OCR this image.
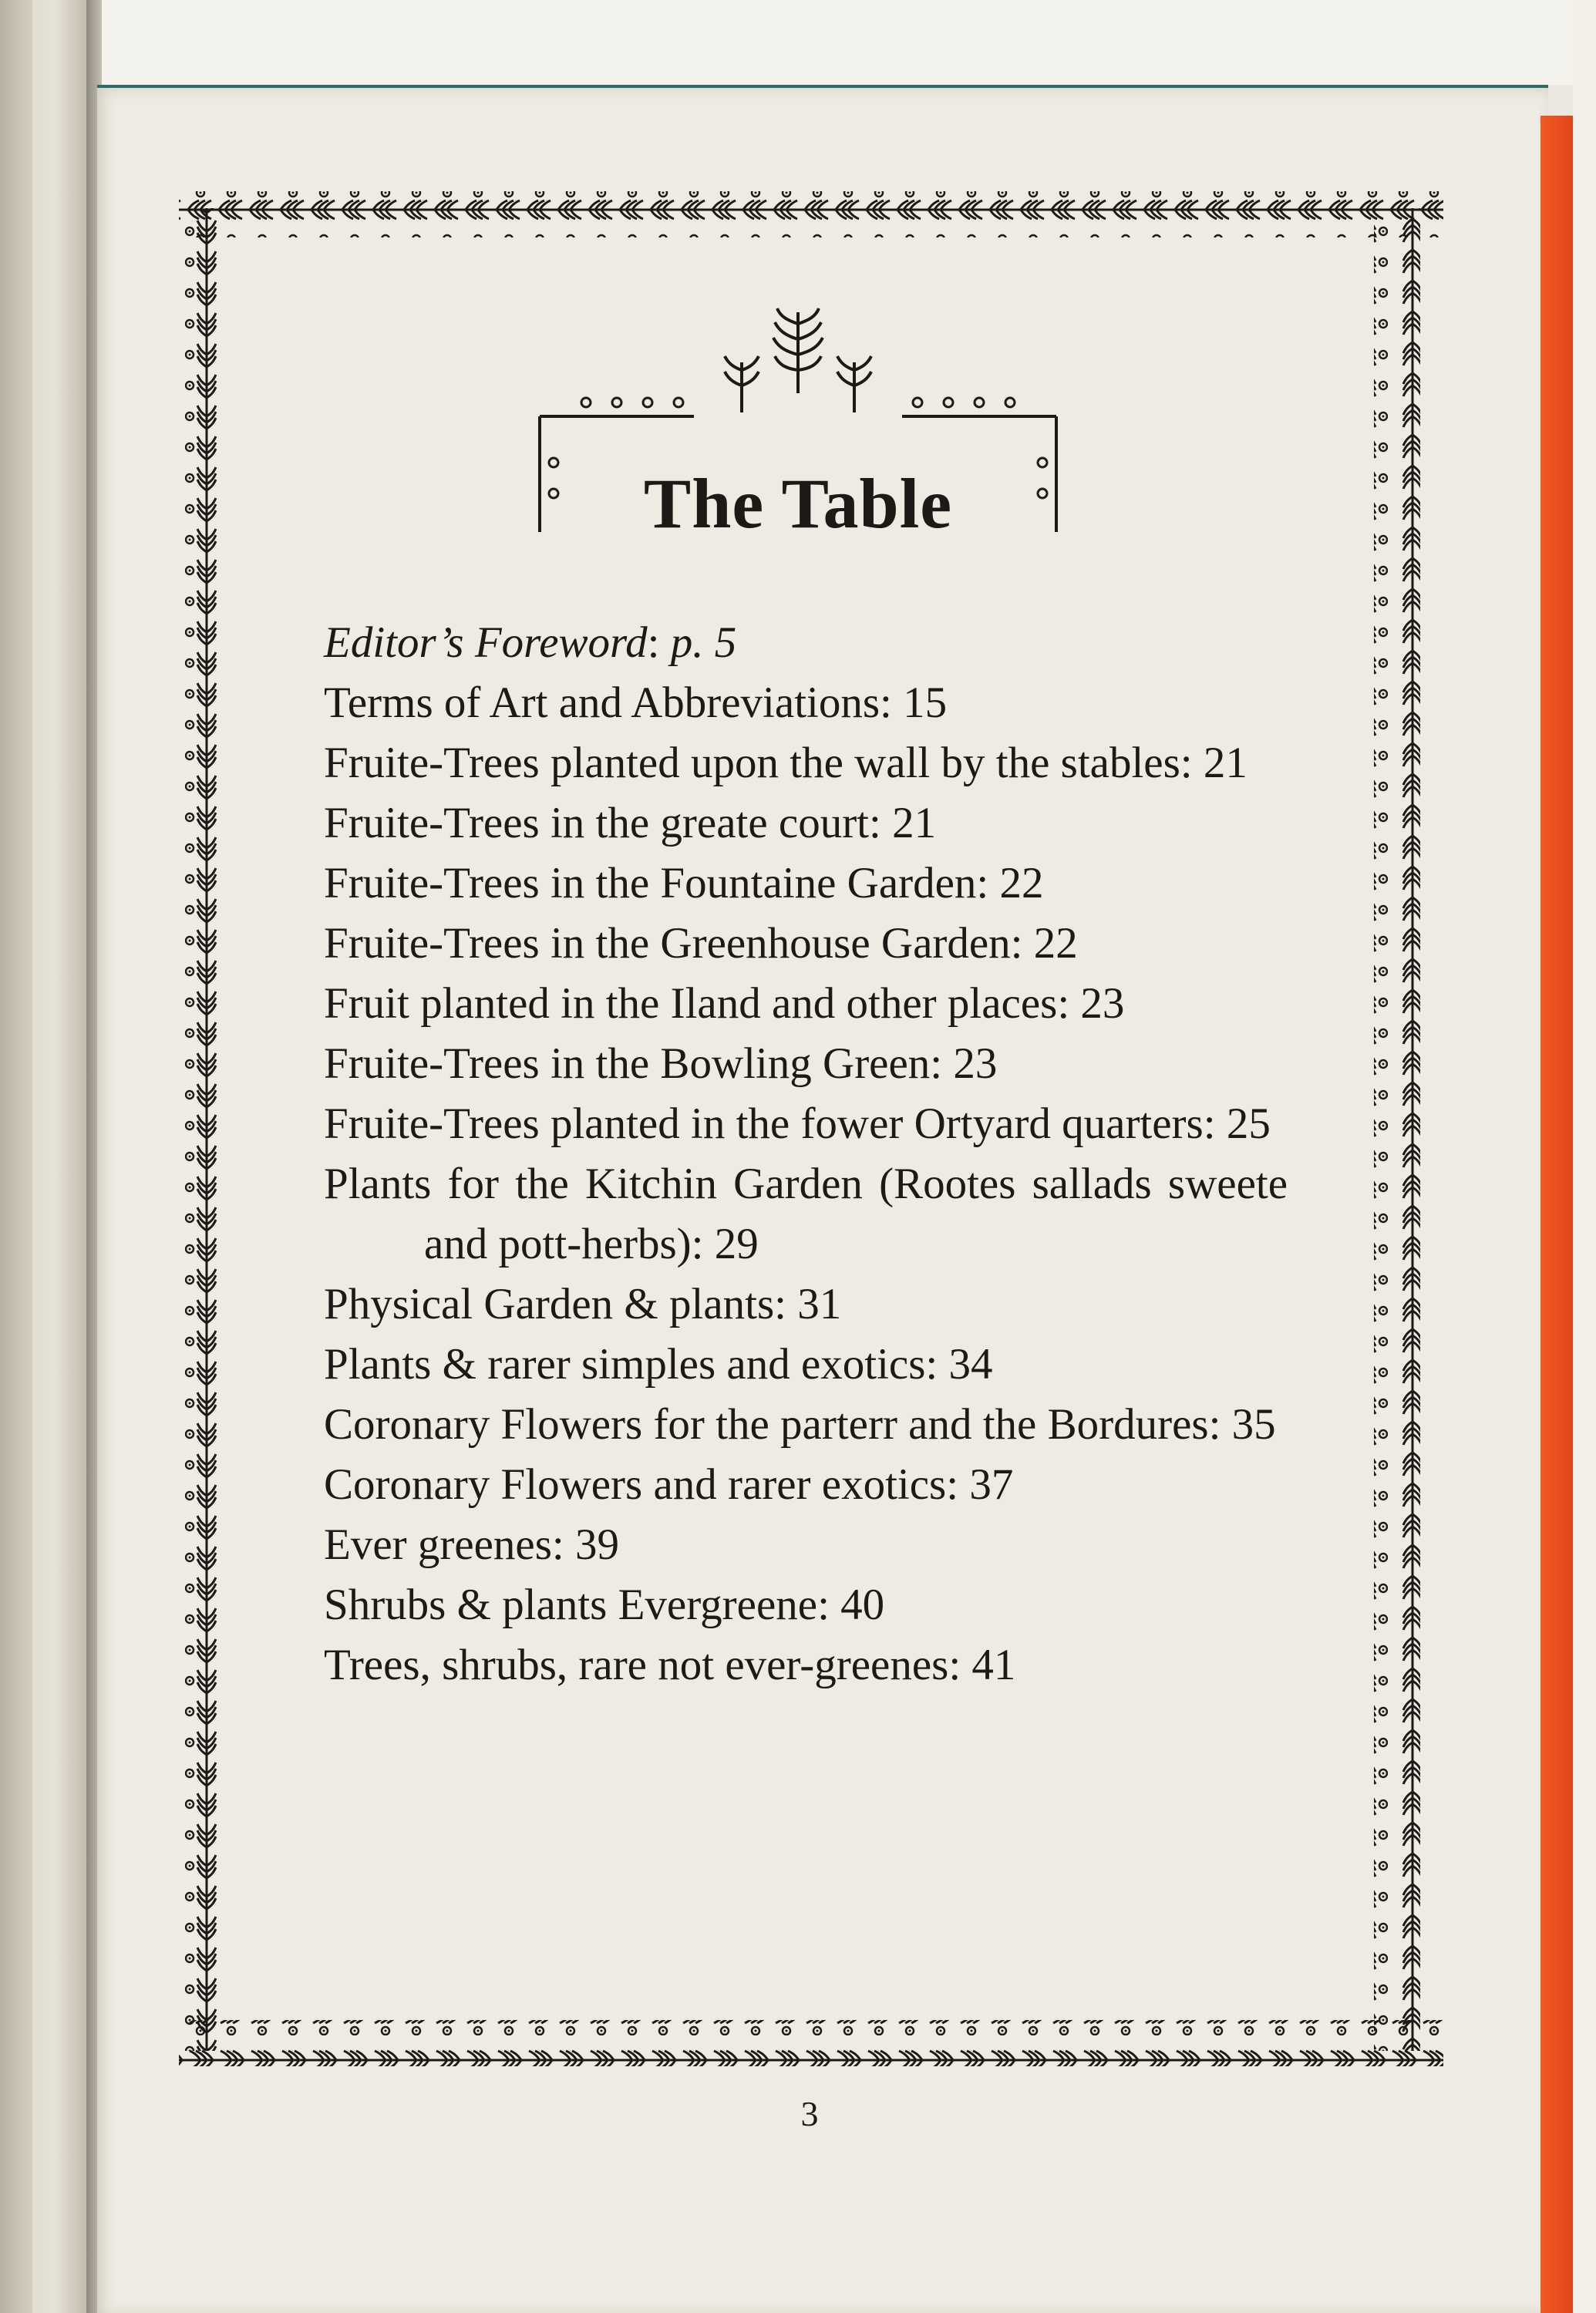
The Table
Editor’s Foreword: p. 5
Terms of Art and Abbreviations: 15
Fruite-Trees planted upon the wall by the stables: 21
Fruite-Trees in the greate court: 21
Fruite-Trees in the Fountaine Garden: 22
Fruite-Trees in the Greenhouse Garden: 22
Fruit planted in the Iland and other places: 23
Fruite-Trees in the Bowling Green: 23
Fruite-Trees planted in the fower Ortyard quarters: 25
Plants for the Kitchin Garden (Rootes sallads sweete and pott-herbs): 29
Physical Garden & plants: 31
Plants & rarer simples and exotics: 34
Coronary Flowers for the parterr and the Bordures: 35
Coronary Flowers and rarer exotics: 37
Ever greenes: 39
Shrubs & plants Evergreene: 40
Trees, shrubs, rare not ever-greenes: 41
3
